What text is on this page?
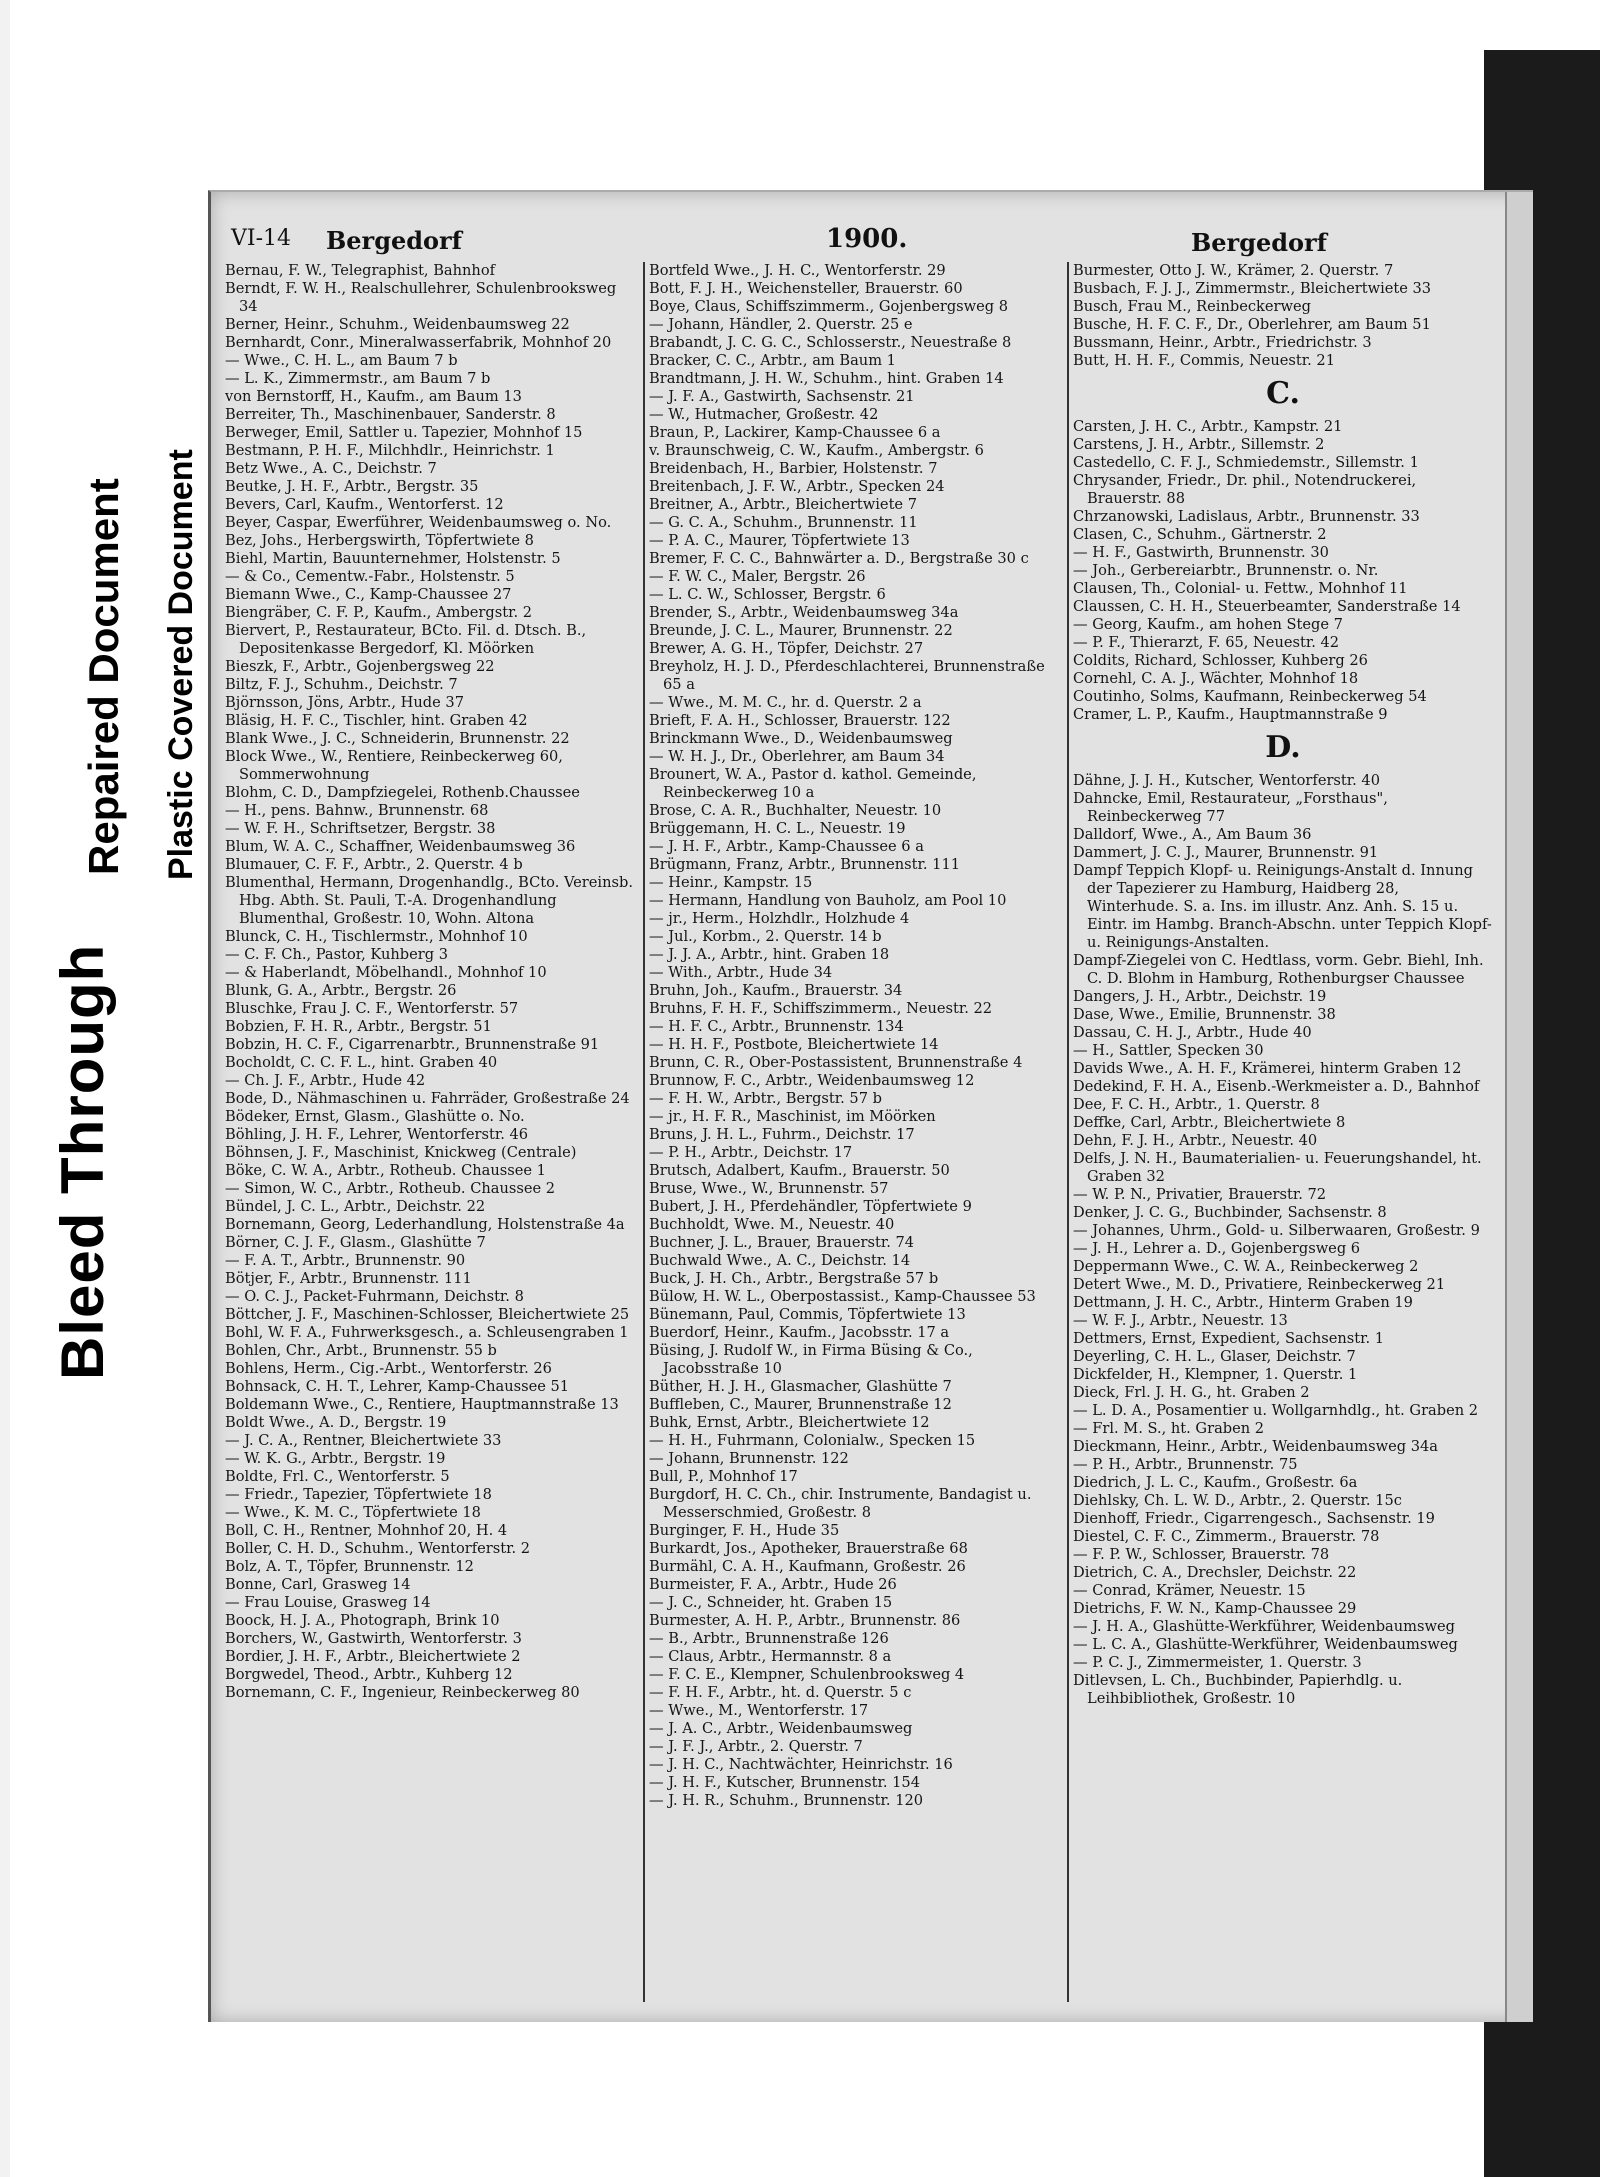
Bleed Through
Repaired Document Plastic Covered Document
VI-14 Bergedorf	1900.	Bergedorf

Bernau, F. W., Telegraphist, Bahnhof

Berndt, F. W. H., Realschullehrer, Schulenbrooksweg 34

Berner, Heinr., Schuhm., Weidenbaumsweg 22

Bernhardt, Conr., Mineralwasserfabrik, Mohnhof 20

— Wwe., C. H. L., am Baum 7 b

— L. K., Zimmermstr., am Baum 7 b

von Bernstorff, H., Kaufm., am Baum 13

Berreiter, Th., Maschinenbauer, Sanderstr. 8

Berweger, Emil, Sattler u. Tapezier, Mohnhof 15

Bestmann, P. H. F., Milchhdlr., Heinrichstr. 1

Betz Wwe., A. C., Deichstr. 7

Beutke, J. H. F., Arbtr., Bergstr. 35

Bevers, Carl, Kaufm., Wentorferst. 12

Beyer, Caspar, Ewerführer, Weidenbaumsweg o. No.

Bez, Johs., Herbergswirth, Töpfertwiete 8

Biehl, Martin, Bauunternehmer, Holstenstr. 5

— & Co., Cementw.-Fabr., Holstenstr. 5

Biemann Wwe., C., Kamp-Chaussee 27

Biengräber, C. F. P., Kaufm., Ambergstr. 2

Biervert, P., Restaurateur, BCto. Fil. d. Dtsch. B., Depositenkasse Bergedorf, Kl. Möörken

Bieszk, F., Arbtr., Gojenbergsweg 22

Biltz, F. J., Schuhm., Deichstr. 7

Björnsson, Jöns, Arbtr., Hude 37

Bläsig, H. F. C., Tischler, hint. Graben 42

Blank Wwe., J. C., Schneiderin, Brunnenstr. 22

Block Wwe., W., Rentiere, Reinbeckerweg 60, Sommerwohnung

Blohm, C. D., Dampfziegelei, Rothenb.Chaussee

— H., pens. Bahnw., Brunnenstr. 68

— W. F. H., Schriftsetzer, Bergstr. 38

Blum, W. A. C., Schaffner, Weidenbaumsweg 36

Blumauer, C. F. F., Arbtr., 2. Querstr. 4 b

Blumenthal, Hermann, Drogenhandlg., BCto. Vereinsb. Hbg. Abth. St. Pauli, T.-A. Drogenhandlung Blumenthal, Großestr. 10, Wohn. Altona

Blunck, C. H., Tischlermstr., Mohnhof 10

— C. F. Ch., Pastor, Kuhberg 3

— & Haberlandt, Möbelhandl., Mohnhof 10

Blunk, G. A., Arbtr., Bergstr. 26

Bluschke, Frau J. C. F., Wentorferstr. 57

Bobzien, F. H. R., Arbtr., Bergstr. 51

Bobzin, H. C. F., Cigarrenarbtr., Brunnenstraße 91

Bocholdt, C. C. F. L., hint. Graben 40

— Ch. J. F., Arbtr., Hude 42

Bode, D., Nähmaschinen u. Fahrräder, Großestraße 24

Bödeker, Ernst, Glasm., Glashütte o. No.

Böhling, J. H. F., Lehrer, Wentorferstr. 46

Böhnsen, J. F., Maschinist, Knickweg (Centrale)

Böke, C. W. A., Arbtr., Rotheub. Chaussee 1

— Simon, W. C., Arbtr., Rotheub. Chaussee 2

Bündel, J. C. L., Arbtr., Deichstr. 22

Bornemann, Georg, Lederhandlung, Holstenstraße 4a

Börner, C. J. F., Glasm., Glashütte 7

— F. A. T., Arbtr., Brunnenstr. 90

Bötjer, F., Arbtr., Brunnenstr. 111

— O. C. J., Packet-Fuhrmann, Deichstr. 8

Böttcher, J. F., Maschinen-Schlosser, Bleichertwiete 25

Bohl, W. F. A., Fuhrwerksgesch., a. Schleusengraben 1

Bohlen, Chr., Arbt., Brunnenstr. 55 b

Bohlens, Herm., Cig.-Arbt., Wentorferstr. 26

Bohnsack, C. H. T., Lehrer, Kamp-Chaussee 51

Boldemann Wwe., C., Rentiere, Hauptmannstraße 13

Boldt Wwe., A. D., Bergstr. 19

— J. C. A., Rentner, Bleichertwiete 33

— W. K. G., Arbtr., Bergstr. 19

Boldte, Frl. C., Wentorferstr. 5

— Friedr., Tapezier, Töpfertwiete 18

— Wwe., K. M. C., Töpfertwiete 18

Boll, C. H., Rentner, Mohnhof 20, H. 4

Boller, C. H. D., Schuhm., Wentorferstr. 2

Bolz, A. T., Töpfer, Brunnenstr. 12

Bonne, Carl, Grasweg 14

— Frau Louise, Grasweg 14

Boock, H. J. A., Photograph, Brink 10

Borchers, W., Gastwirth, Wentorferstr. 3

Bordier, J. H. F., Arbtr., Bleichertwiete 2

Borgwedel, Theod., Arbtr., Kuhberg 12

Bornemann, C. F., Ingenieur, Reinbeckerweg 80

Bortfeld Wwe., J. H. C., Wentorferstr. 29

Bott, F. J. H., Weichensteller, Brauerstr. 60

Boye, Claus, Schiffszimmerm., Gojenbergsweg 8

— Johann, Händler, 2. Querstr. 25 e

Brabandt, J. C. G. C., Schlosserstr., Neuestraße 8

Bracker, C. C., Arbtr., am Baum 1

Brandtmann, J. H. W., Schuhm., hint. Graben 14

— J. F. A., Gastwirth, Sachsenstr. 21

— W., Hutmacher, Großestr. 42

Braun, P., Lackirer, Kamp-Chaussee 6 a

v. Braunschweig, C. W., Kaufm., Ambergstr. 6

Breidenbach, H., Barbier, Holstenstr. 7

Breitenbach, J. F. W., Arbtr., Specken 24

Breitner, A., Arbtr., Bleichertwiete 7

— G. C. A., Schuhm., Brunnenstr. 11

— P. A. C., Maurer, Töpfertwiete 13

Bremer, F. C. C., Bahnwärter a. D., Bergstraße 30 c

— F. W. C., Maler, Bergstr. 26

— L. C. W., Schlosser, Bergstr. 6

Brender, S., Arbtr., Weidenbaumsweg 34a

Breunde, J. C. L., Maurer, Brunnenstr. 22

Brewer, A. G. H., Töpfer, Deichstr. 27

Breyholz, H. J. D., Pferdeschlachterei, Brunnenstraße 65 a

— Wwe., M. M. C., hr. d. Querstr. 2 a

Brieft, F. A. H., Schlosser, Brauerstr. 122

Brinckmann Wwe., D., Weidenbaumsweg

— W. H. J., Dr., Oberlehrer, am Baum 34

Brounert, W. A., Pastor d. kathol. Gemeinde, Reinbeckerweg 10 a

Brose, C. A. R., Buchhalter, Neuestr. 10

Brüggemann, H. C. L., Neuestr. 19

— J. H. F., Arbtr., Kamp-Chaussee 6 a

Brügmann, Franz, Arbtr., Brunnenstr. 111

— Heinr., Kampstr. 15

— Hermann, Handlung von Bauholz, am Pool 10

— jr., Herm., Holzhdlr., Holzhude 4

— Jul., Korbm., 2. Querstr. 14 b

— J. J. A., Arbtr., hint. Graben 18

— With., Arbtr., Hude 34

Bruhn, Joh., Kaufm., Brauerstr. 34

Bruhns, F. H. F., Schiffszimmerm., Neuestr. 22

— H. F. C., Arbtr., Brunnenstr. 134

— H. H. F., Postbote, Bleichertwiete 14

Brunn, C. R., Ober-Postassistent, Brunnenstraße 4

Brunnow, F. C., Arbtr., Weidenbaumsweg 12

— F. H. W., Arbtr., Bergstr. 57 b

— jr., H. F. R., Maschinist, im Möörken

Bruns, J. H. L., Fuhrm., Deichstr. 17

— P. H., Arbtr., Deichstr. 17

Brutsch, Adalbert, Kaufm., Brauerstr. 50

Bruse, Wwe., W., Brunnenstr. 57

Bubert, J. H., Pferdehändler, Töpfertwiete 9

Buchholdt, Wwe. M., Neuestr. 40

Buchner, J. L., Brauer, Brauerstr. 74

Buchwald Wwe., A. C., Deichstr. 14

Buck, J. H. Ch., Arbtr., Bergstraße 57 b

Bülow, H. W. L., Oberpostassist., Kamp-Chaussee 53

Bünemann, Paul, Commis, Töpfertwiete 13

Buerdorf, Heinr., Kaufm., Jacobsstr. 17 a

Büsing, J. Rudolf W., in Firma Büsing & Co., Jacobsstraße 10

Büther, H. J. H., Glasmacher, Glashütte 7

Buffleben, C., Maurer, Brunnenstraße 12

Buhk, Ernst, Arbtr., Bleichertwiete 12

— H. H., Fuhrmann, Colonialw., Specken 15

— Johann, Brunnenstr. 122

Bull, P., Mohnhof 17

Burgdorf, H. C. Ch., chir. Instrumente, Bandagist u. Messerschmied, Großestr. 8

Burginger, F. H., Hude 35

Burkardt, Jos., Apotheker, Brauerstraße 68

Burmähl, C. A. H., Kaufmann, Großestr. 26

Burmeister, F. A., Arbtr., Hude 26

— J. C., Schneider, ht. Graben 15

Burmester, A. H. P., Arbtr., Brunnenstr. 86

— B., Arbtr., Brunnenstraße 126

— Claus, Arbtr., Hermannstr. 8 a

— F. C. E., Klempner, Schulenbrooksweg 4

— F. H. F., Arbtr., ht. d. Querstr. 5 c

— Wwe., M., Wentorferstr. 17

— J. A. C., Arbtr., Weidenbaumsweg

— J. F. J., Arbtr., 2. Querstr. 7

— J. H. C., Nachtwächter, Heinrichstr. 16

— J. H. F., Kutscher, Brunnenstr. 154

— J. H. R., Schuhm., Brunnenstr. 120

Burmester, Otto J. W., Krämer, 2. Querstr. 7

Busbach, F. J. J., Zimmermstr., Bleichertwiete 33

Busch, Frau M., Reinbeckerweg

Busche, H. F. C. F., Dr., Oberlehrer, am Baum 51

Bussmann, Heinr., Arbtr., Friedrichstr. 3

Butt, H. H. F., Commis, Neuestr. 21

C.

Carsten, J. H. C., Arbtr., Kampstr. 21

Carstens, J. H., Arbtr., Sillemstr. 2

Castedello, C. F. J., Schmiedemstr., Sillemstr. 1

Chrysander, Friedr., Dr. phil., Notendruckerei, Brauerstr. 88

Chrzanowski, Ladislaus, Arbtr., Brunnenstr. 33

Clasen, C., Schuhm., Gärtnerstr. 2

— H. F., Gastwirth, Brunnenstr. 30

— Joh., Gerbereiarbtr., Brunnenstr. o. Nr.

Clausen, Th., Colonial- u. Fettw., Mohnhof 11

Claussen, C. H. H., Steuerbeamter, Sanderstraße 14

— Georg, Kaufm., am hohen Stege 7

— P. F., Thierarzt, F. 65, Neuestr. 42

Coldits, Richard, Schlosser, Kuhberg 26

Cornehl, C. A. J., Wächter, Mohnhof 18

Coutinho, Solms, Kaufmann, Reinbeckerweg 54

Cramer, L. P., Kaufm., Hauptmannstraße 9

D.

Dähne, J. J. H., Kutscher, Wentorferstr. 40

Dahncke, Emil, Restaurateur, „Forsthaus", Reinbeckerweg 77

Dalldorf, Wwe., A., Am Baum 36

Dammert, J. C. J., Maurer, Brunnenstr. 91

Dampf Teppich Klopf- u. Reinigungs-Anstalt d. Innung der Tapezierer zu Hamburg, Haidberg 28, Winterhude. S. a. Ins. im illustr. Anz. Anh. S. 15 u. Eintr. im Hambg. Branch-Abschn. unter Teppich Klopf- u. Reinigungs-Anstalten.

Dampf-Ziegelei von C. Hedtlass, vorm. Gebr. Biehl, Inh. C. D. Blohm in Hamburg, Rothenburgser Chaussee

Dangers, J. H., Arbtr., Deichstr. 19

Dase, Wwe., Emilie, Brunnenstr. 38

Dassau, C. H. J., Arbtr., Hude 40

— H., Sattler, Specken 30

Davids Wwe., A. H. F., Krämerei, hinterm Graben 12

Dedekind, F. H. A., Eisenb.-Werkmeister a. D., Bahnhof

Dee, F. C. H., Arbtr., 1. Querstr. 8

Deffke, Carl, Arbtr., Bleichertwiete 8

Dehn, F. J. H., Arbtr., Neuestr. 40

Delfs, J. N. H., Baumaterialien- u. Feuerungshandel, ht. Graben 32

— W. P. N., Privatier, Brauerstr. 72

Denker, J. C. G., Buchbinder, Sachsenstr. 8

— Johannes, Uhrm., Gold- u. Silberwaaren, Großestr. 9

— J. H., Lehrer a. D., Gojenbergsweg 6

Deppermann Wwe., C. W. A., Reinbeckerweg 2

Detert Wwe., M. D., Privatiere, Reinbeckerweg 21

Dettmann, J. H. C., Arbtr., Hinterm Graben 19

— W. F. J., Arbtr., Neuestr. 13

Dettmers, Ernst, Expedient, Sachsenstr. 1

Deyerling, C. H. L., Glaser, Deichstr. 7

Dickfelder, H., Klempner, 1. Querstr. 1

Dieck, Frl. J. H. G., ht. Graben 2

— L. D. A., Posamentier u. Wollgarnhdlg., ht. Graben 2

— Frl. M. S., ht. Graben 2

Dieckmann, Heinr., Arbtr., Weidenbaumsweg 34a

— P. H., Arbtr., Brunnenstr. 75

Diedrich, J. L. C., Kaufm., Großestr. 6a

Diehlsky, Ch. L. W. D., Arbtr., 2. Querstr. 15c

Dienhoff, Friedr., Cigarrengesch., Sachsenstr. 19

Diestel, C. F. C., Zimmerm., Brauerstr. 78

— F. P. W., Schlosser, Brauerstr. 78

Dietrich, C. A., Drechsler, Deichstr. 22

— Conrad, Krämer, Neuestr. 15

Dietrichs, F. W. N., Kamp-Chaussee 29

— J. H. A., Glashütte-Werkführer, Weidenbaumsweg

— L. C. A., Glashütte-Werkführer, Weidenbaumsweg

— P. C. J., Zimmermeister, 1. Querstr. 3

Ditlevsen, L. Ch., Buchbinder, Papierhdlg. u. Leihbibliothek, Großestr. 10
